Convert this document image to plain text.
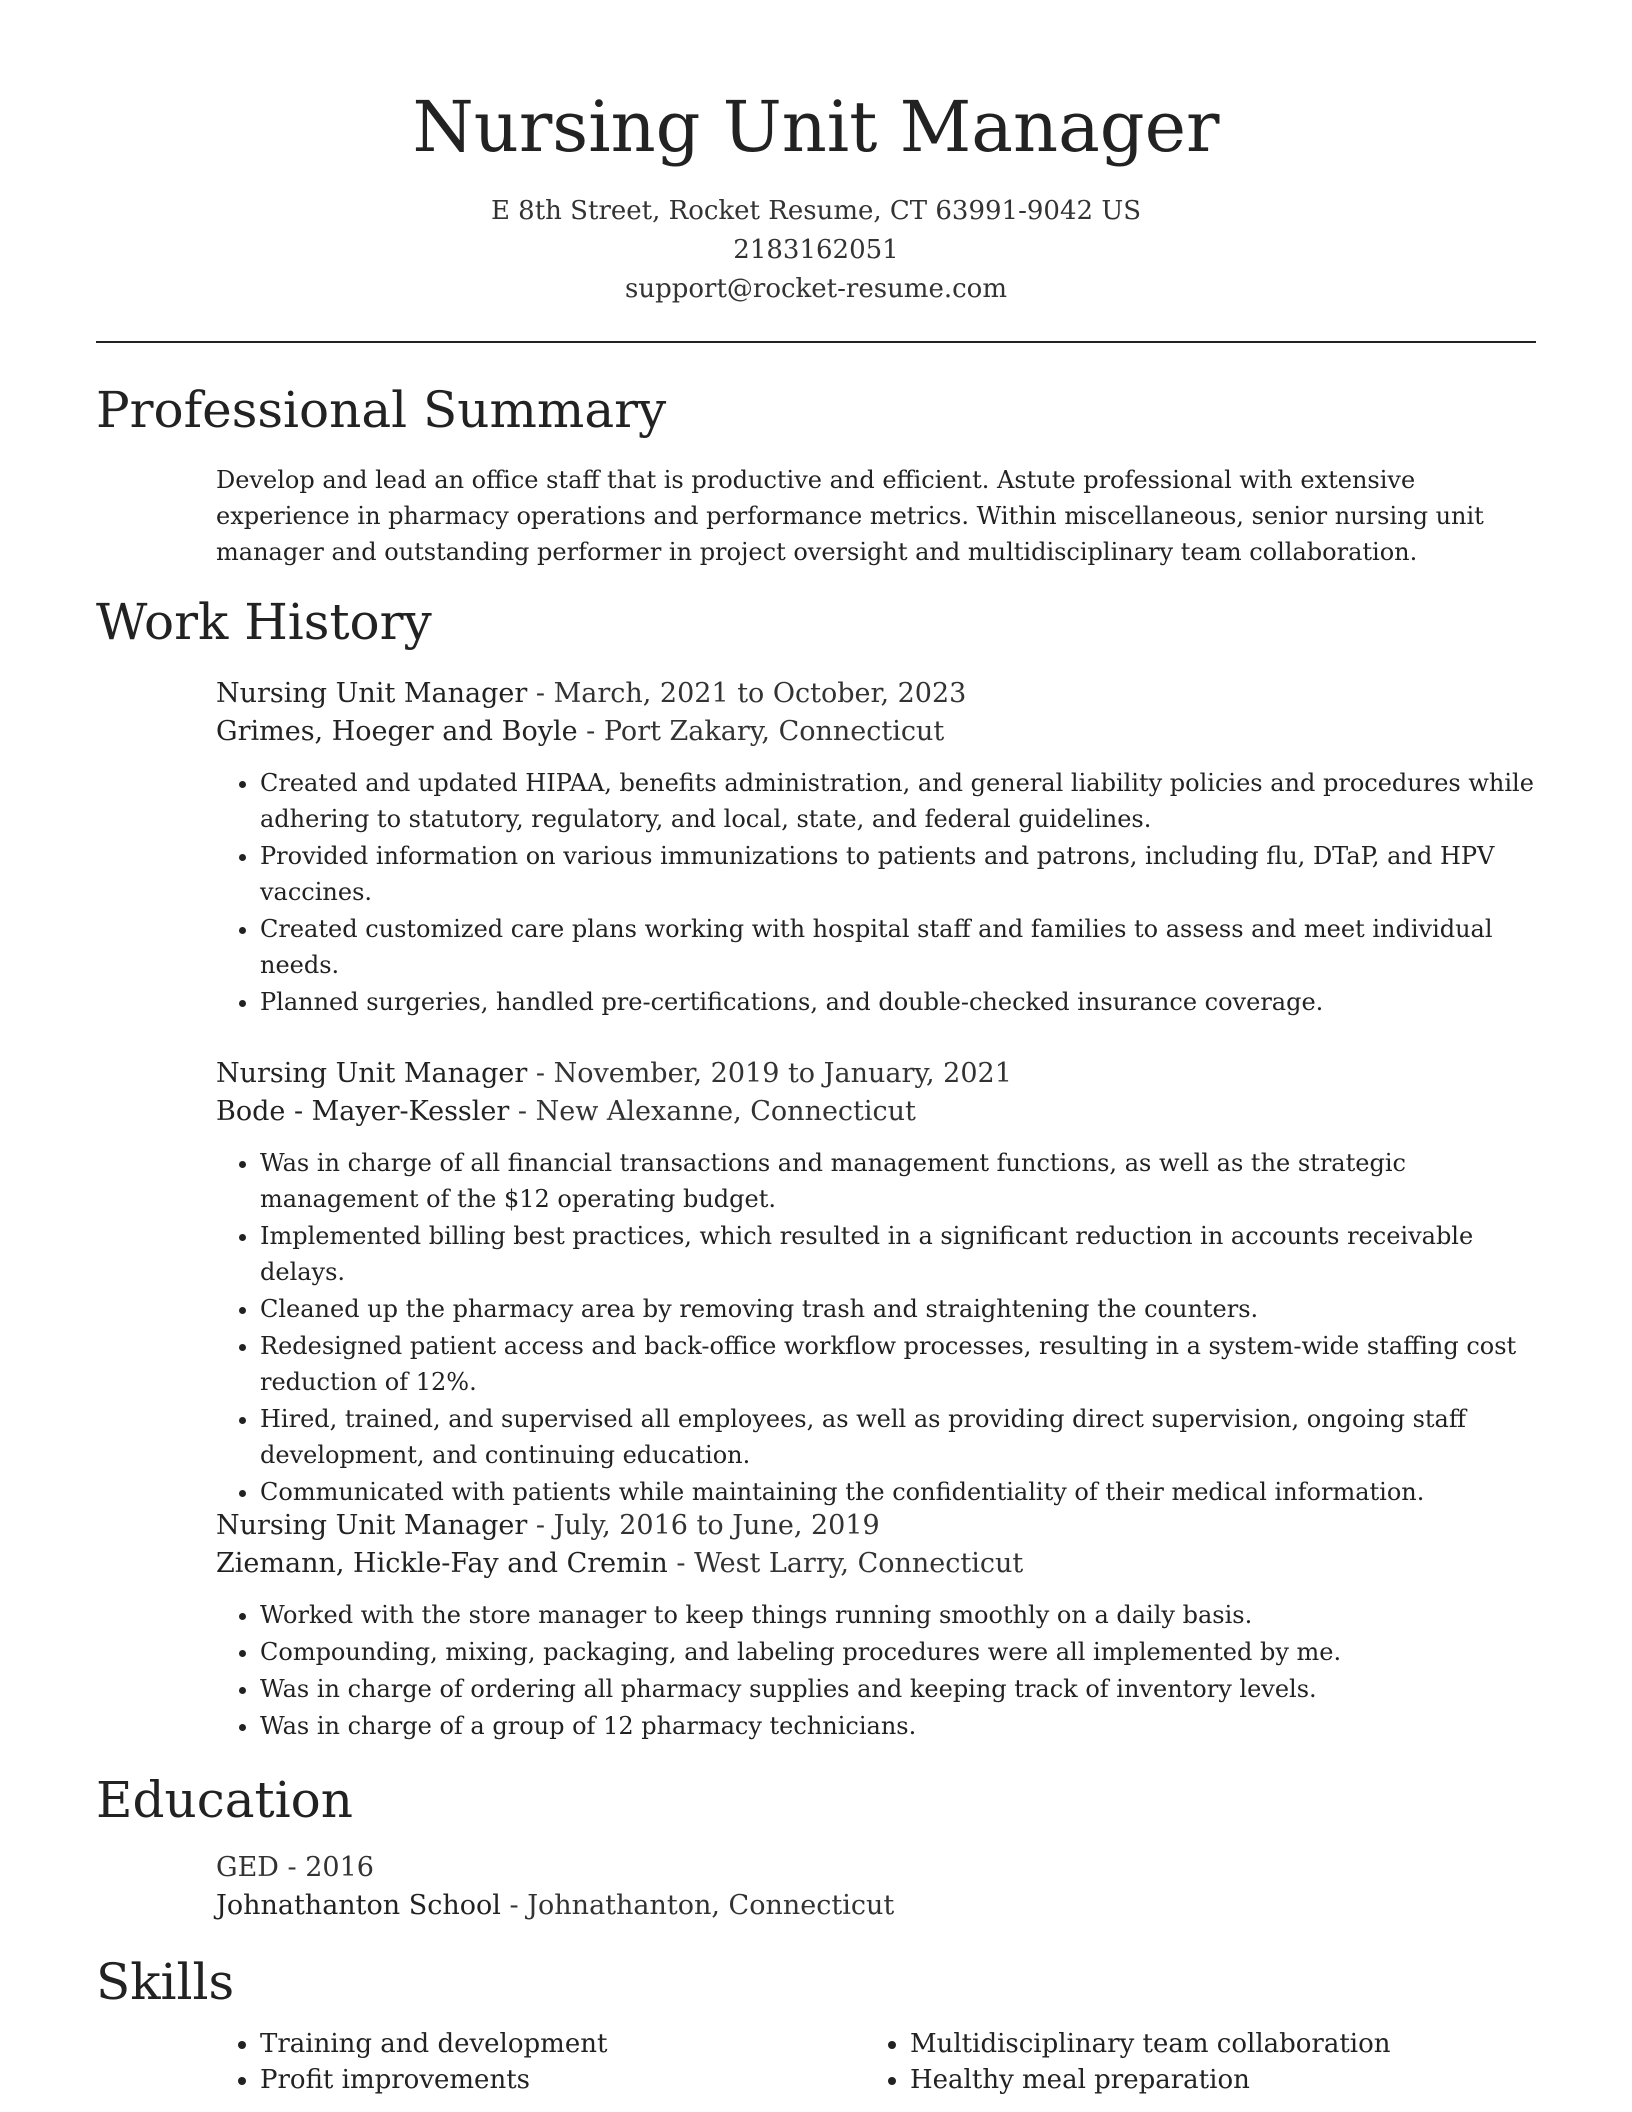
Nursing Unit Manager
E 8th Street, Rocket Resume, CT 63991-9042 US
2183162051
support@rocket-resume.com
Professional Summary

Develop and lead an office staff that is productive and efficient. Astute professional with extensive experience in pharmacy operations and performance metrics. Within miscellaneous, senior nursing unit manager and outstanding performer in project oversight and multidisciplinary team collaboration.

Work History
Nursing Unit Manager - March, 2021 to October, 2023
Grimes, Hoeger and Boyle - Port Zakary, Connecticut
• Created and updated HIPAA, benefits administration, and general liability policies and procedures while adhering to statutory, regulatory, and local, state, and federal guidelines.
• Provided information on various immunizations to patients and patrons, including flu, DTaP, and HPV vaccines.
• Created customized care plans working with hospital staff and families to assess and meet individual needs.
• Planned surgeries, handled pre-certifications, and double-checked insurance coverage.
Nursing Unit Manager - November, 2019 to January, 2021
Bode - Mayer-Kessler - New Alexanne, Connecticut
• Was in charge of all financial transactions and management functions, as well as the strategic management of the $12 operating budget.
• Implemented billing best practices, which resulted in a significant reduction in accounts receivable delays.
• Cleaned up the pharmacy area by removing trash and straightening the counters.
• Redesigned patient access and back-office workflow processes, resulting in a system-wide staffing cost reduction of 12%.
• Hired, trained, and supervised all employees, as well as providing direct supervision, ongoing staff development, and continuing education.
• Communicated with patients while maintaining the confidentiality of their medical information.
Nursing Unit Manager - July, 2016 to June, 2019
Ziemann, Hickle-Fay and Cremin - West Larry, Connecticut
• Worked with the store manager to keep things running smoothly on a daily basis.
• Compounding, mixing, packaging, and labeling procedures were all implemented by me.
• Was in charge of ordering all pharmacy supplies and keeping track of inventory levels.
• Was in charge of a group of 12 pharmacy technicians.
Education
GED - 2016
Johnathanton School - Johnathanton, Connecticut
Skills
• Training and development
• Profit improvements
• Multidisciplinary team collaboration
• Healthy meal preparation
